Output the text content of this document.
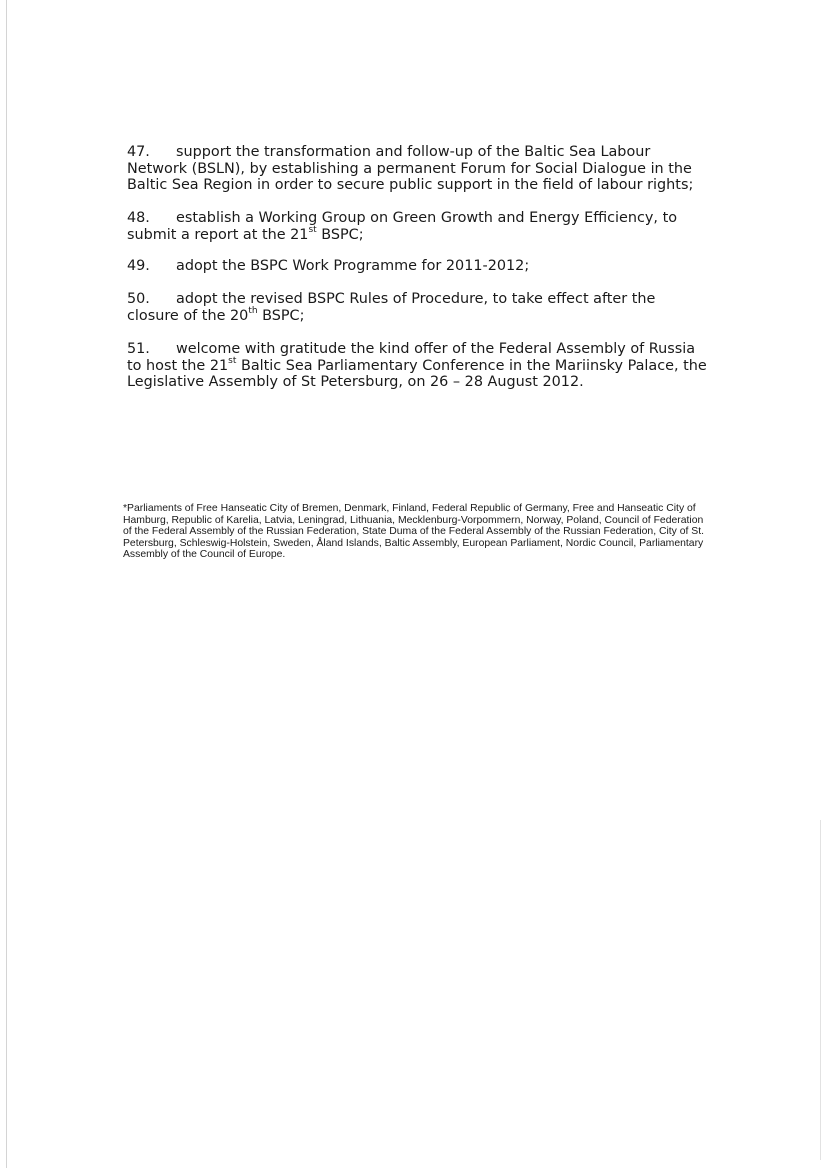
47. support the transformation and follow-up of the Baltic Sea Labour Network (BSLN), by establishing a permanent Forum for Social Dialogue in the Baltic Sea Region in order to secure public support in the field of labour rights;

48. establish a Working Group on Green Growth and Energy Efficiency, to submit a report at the 21st BSPC;

49. adopt the BSPC Work Programme for 2011-2012;

50. adopt the revised BSPC Rules of Procedure, to take effect after the closure of the 20th BSPC;

51. welcome with gratitude the kind offer of the Federal Assembly of Russia to host the 21st Baltic Sea Parliamentary Conference in the Mariinsky Palace, the Legislative Assembly of St Petersburg, on 26 – 28 August 2012.

*Parliaments of Free Hanseatic City of Bremen, Denmark, Finland, Federal Republic of Germany, Free and Hanseatic City of Hamburg, Republic of Karelia, Latvia, Leningrad, Lithuania, Mecklenburg-Vorpommern, Norway, Poland, Council of Federation of the Federal Assembly of the Russian Federation, State Duma of the Federal Assembly of the Russian Federation, City of St. Petersburg, Schleswig-Holstein, Sweden, Åland Islands, Baltic Assembly, European Parliament, Nordic Council, Parliamentary Assembly of the Council of Europe.
